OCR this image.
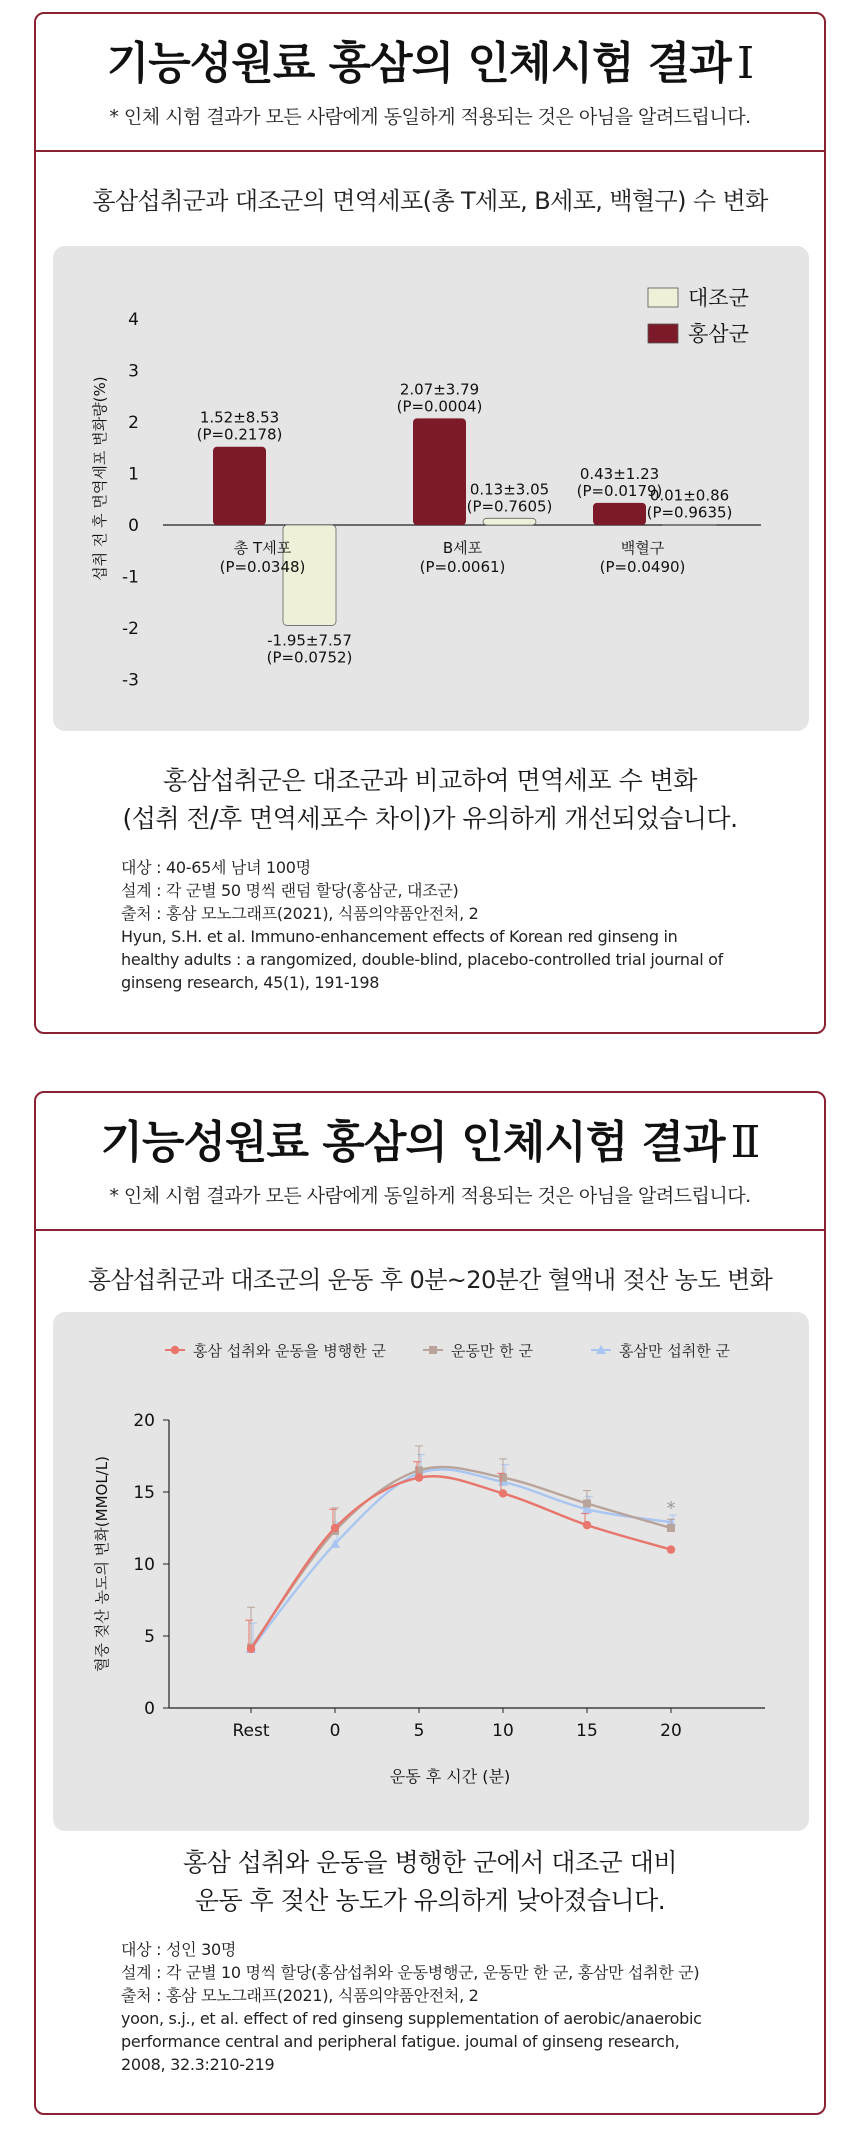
기능성원료 홍삼의 인체시험 결과 Ⅰ
* 인체 시험 결과가 모든 사람에게 동일하게 적용되는 것은 아님을 알려드립니다.
홍삼섭취군과 대조군의 면역세포(총 T세포, B세포, 백혈구) 수 변화
4
3
2
1
0
-1
-2
-3
섭취 전 후 면역세포 변화량(%)	1.52±8.53
(P=0.2178)
-1.95±7.57
(P=0.0752)
총 T세포
(P=0.0348)
2.07±3.79
(P=0.0004)
0.13±3.05
(P=0.7605)
B세포
(P=0.0061)
0.43±1.23
(P=0.0179)
0.01±0.86
(P=0.9635)
백혈구
(P=0.0490)
대조군
홍삼군
홍삼섭취군은 대조군과 비교하여 면역세포 수 변화
(섭취 전/후 면역세포수 차이)가 유의하게 개선되었습니다.
대상 : 40-65세 남녀 100명
설계 : 각 군별 50 명씩 랜덤 할당(홍삼군, 대조군)
출처 : 홍삼 모노그래프(2021), 식품의약품안전처, 2
Hyun, S.H. et al. Immuno-enhancement effects of Korean red ginseng in
healthy adults : a rangomized, double-blind, placebo-controlled trial journal of
ginseng research, 45(1), 191-198
기능성원료 홍삼의 인체시험 결과 Ⅱ
* 인체 시험 결과가 모든 사람에게 동일하게 적용되는 것은 아님을 알려드립니다.
홍삼섭취군과 대조군의 운동 후 0분~20분간 혈액내 젖산 농도 변화
홍삼 섭취와 운동을 병행한 군	운동만 한 군	홍삼만 섭취한 군
0
5
10
15
20
Rest	0	5	10	15	20
운동 후 시간 (분)
혈중 젖산 농도의 변화(MMOL/L)	*
홍삼 섭취와 운동을 병행한 군에서 대조군 대비
운동 후 젖산 농도가 유의하게 낮아졌습니다.
대상 : 성인 30명
설계 : 각 군별 10 명씩 할당(홍삼섭취와 운동병행군, 운동만 한 군, 홍삼만 섭취한 군)
출처 : 홍삼 모노그래프(2021), 식품의약품안전처, 2
yoon, s.j., et al. effect of red ginseng supplementation of aerobic/anaerobic
performance central and peripheral fatigue. joumal of ginseng research,
2008, 32.3:210-219
